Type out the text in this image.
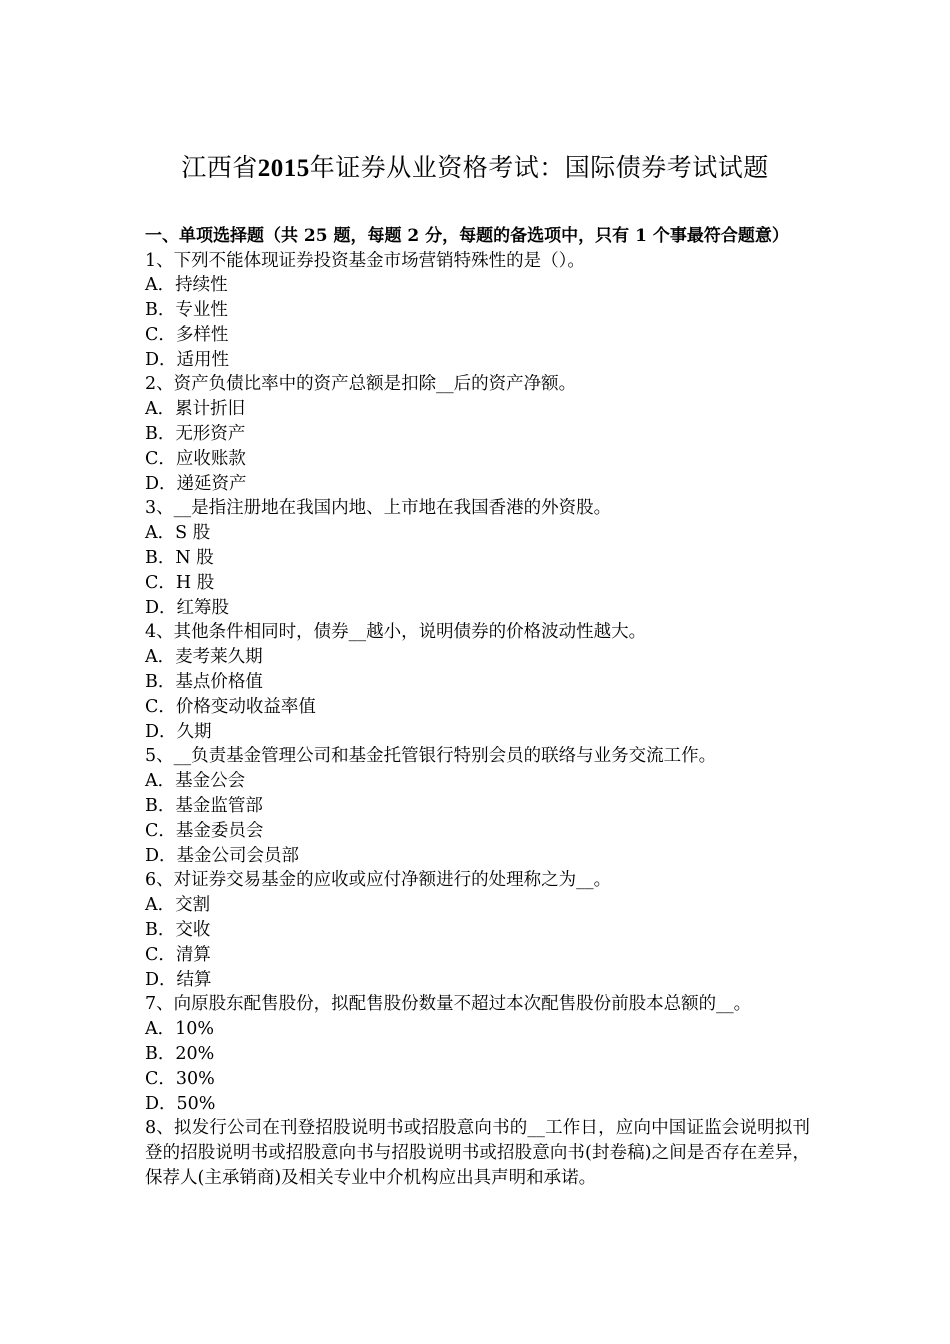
江西省2015年证券从业资格考试：国际债券考试试题

一、单项选择题（共 25 题，每题 2 分，每题的备选项中，只有 1 个事最符合题意）

1、下列不能体现证券投资基金市场营销特殊性的是（）。

A．持续性

B．专业性

C．多样性

D．适用性

2、资产负债比率中的资产总额是扣除__后的资产净额。

A．累计折旧

B．无形资产

C．应收账款

D．递延资产

3、__是指注册地在我国内地、上市地在我国香港的外资股。

A．S 股

B．N 股

C．H 股

D．红筹股

4、其他条件相同时，债券__越小，说明债券的价格波动性越大。

A．麦考莱久期

B．基点价格值

C．价格变动收益率值

D．久期

5、__负责基金管理公司和基金托管银行特别会员的联络与业务交流工作。

A．基金公会

B．基金监管部

C．基金委员会

D．基金公司会员部

6、对证券交易基金的应收或应付净额进行的处理称之为__。

A．交割

B．交收

C．清算

D．结算

7、向原股东配售股份，拟配售股份数量不超过本次配售股份前股本总额的__。

A．10%

B．20%

C．30%

D．50%

8、拟发行公司在刊登招股说明书或招股意向书的__工作日，应向中国证监会说明拟刊登的招股说明书或招股意向书与招股说明书或招股意向书(封卷稿)之间是否存在差异，保荐人(主承销商)及相关专业中介机构应出具声明和承诺。
